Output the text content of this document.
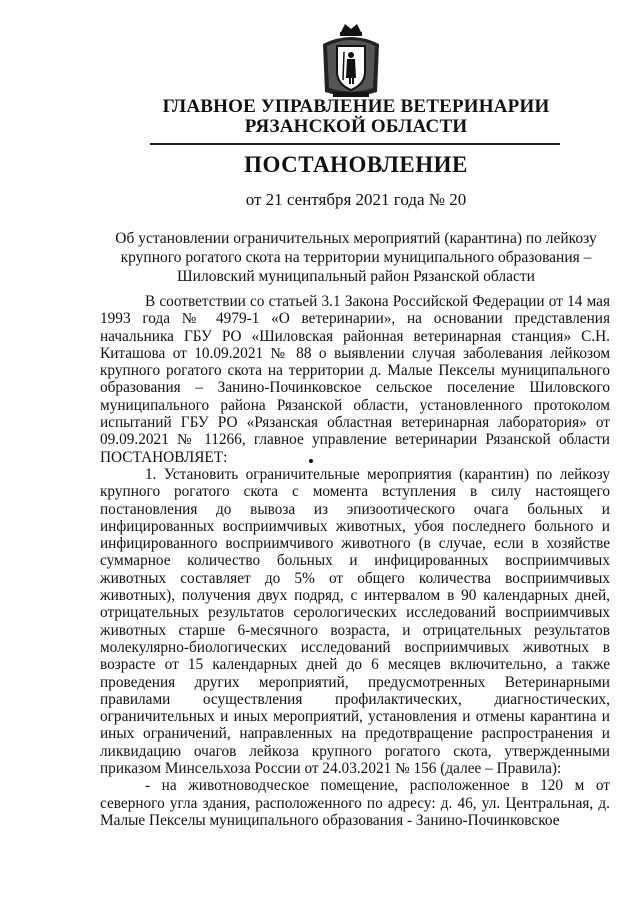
ГЛАВНОЕ УПРАВЛЕНИЕ ВЕТЕРИНАРИИ
РЯЗАНСКОЙ ОБЛАСТИ
ПОСТАНОВЛЕНИЕ
от 21 сентября 2021 года № 20
Об установлении ограничительных мероприятий (карантина) по лейкозу крупного рогатого скота на территории муниципального образования – Шиловский муниципальный район Рязанской области

В соответствии со статьей 3.1 Закона Российской Федерации от 14 мая 1993 года № 4979-1 «О ветеринарии», на основании представления начальника ГБУ РО «Шиловская районная ветеринарная станция» С.Н. Киташова от 10.09.2021 № 88 о выявлении случая заболевания лейкозом крупного рогатого скота на территории д. Малые Пекселы муниципального образования – Занино-Починковское сельское поселение Шиловского муниципального района Рязанской области, установленного протоколом испытаний ГБУ РО «Рязанская областная ветеринарная лаборатория» от 09.09.2021 № 11266, главное управление ветеринарии Рязанской области ПОСТАНОВЛЯЕТ:

1. Установить ограничительные мероприятия (карантин) по лейкозу крупного рогатого скота с момента вступления в силу настоящего постановления до вывоза из эпизоотического очага больных и инфицированных восприимчивых животных, убоя последнего больного и инфицированного восприимчивого животного (в случае, если в хозяйстве суммарное количество больных и инфицированных восприимчивых животных составляет до 5% от общего количества восприимчивых животных), получения двух подряд, с интервалом в 90 календарных дней, отрицательных результатов серологических исследований восприимчивых животных старше 6-месячного возраста, и отрицательных результатов молекулярно-биологических исследований восприимчивых животных в возрасте от 15 календарных дней до 6 месяцев включительно, а также проведения других мероприятий, предусмотренных Ветеринарными правилами осуществления профилактических, диагностических, ограничительных и иных мероприятий, установления и отмены карантина и иных ограничений, направленных на предотвращение распространения и ликвидацию очагов лейкоза крупного рогатого скота, утвержденными приказом Минсельхоза России от 24.03.2021 № 156 (далее – Правила):

- на животноводческое помещение, расположенное в 120 м от северного угла здания, расположенного по адресу: д. 46, ул. Центральная, д. Малые Пекселы муниципального образования - Занино-Починковское
